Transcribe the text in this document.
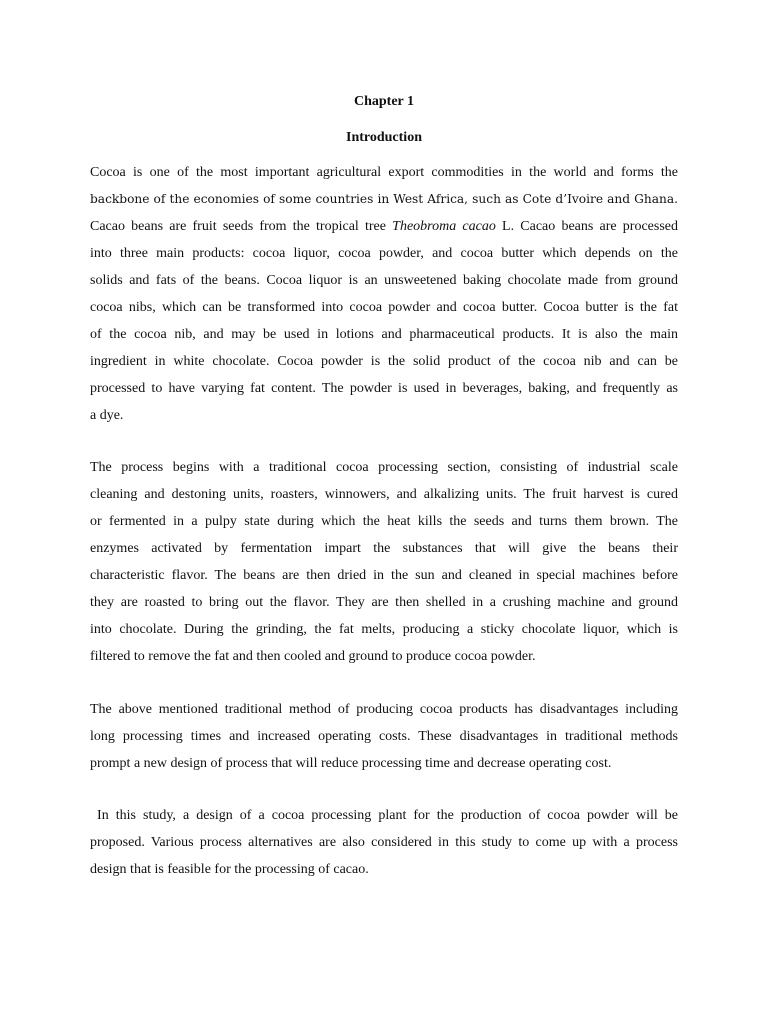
Chapter 1
Introduction

Cocoa is one of the most important agricultural export commodities in the world and forms the
backbone of the economies of some countries in West Africa, such as Cote d’Ivoire and Ghana.
Cacao beans are fruit seeds from the tropical tree Theobroma cacao L. Cacao beans are processed
into three main products: cocoa liquor, cocoa powder, and cocoa butter which depends on the
solids and fats of the beans. Cocoa liquor is an unsweetened baking chocolate made from ground
cocoa nibs, which can be transformed into cocoa powder and cocoa butter. Cocoa butter is the fat
of the cocoa nib, and may be used in lotions and pharmaceutical products. It is also the main
ingredient in white chocolate. Cocoa powder is the solid product of the cocoa nib and can be
processed to have varying fat content. The powder is used in beverages, baking, and frequently as
a dye.

The process begins with a traditional cocoa processing section, consisting of industrial scale
cleaning and destoning units, roasters, winnowers, and alkalizing units. The fruit harvest is cured
or fermented in a pulpy state during which the heat kills the seeds and turns them brown. The
enzymes activated by fermentation impart the substances that will give the beans their
characteristic flavor. The beans are then dried in the sun and cleaned in special machines before
they are roasted to bring out the flavor. They are then shelled in a crushing machine and ground
into chocolate. During the grinding, the fat melts, producing a sticky chocolate liquor, which is
filtered to remove the fat and then cooled and ground to produce cocoa powder.

The above mentioned traditional method of producing cocoa products has disadvantages including
long processing times and increased operating costs. These disadvantages in traditional methods
prompt a new design of process that will reduce processing time and decrease operating cost.

In this study, a design of a cocoa processing plant for the production of cocoa powder will be
proposed. Various process alternatives are also considered in this study to come up with a process
design that is feasible for the processing of cacao.
